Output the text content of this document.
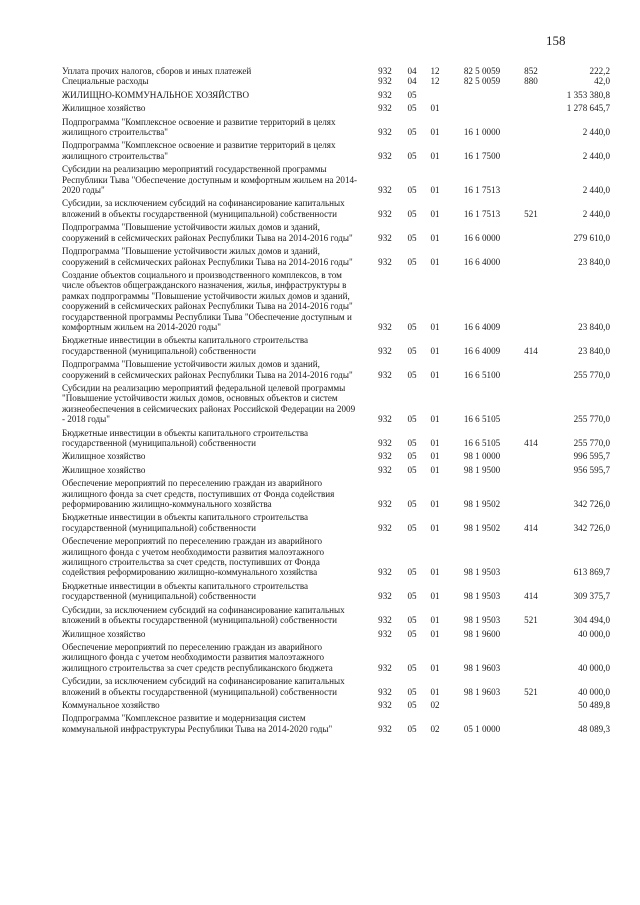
158
Уплата прочих налогов, сборов и иных платежей	932	04	12	82 5 0059	852	222,2
Специальные расходы	932	04	12	82 5 0059	880	42,0
ЖИЛИЩНО-КОММУНАЛЬНОЕ ХОЗЯЙСТВО	932	05				1 353 380,8
Жилищное хозяйство	932	05	01			1 278 645,7
Подпрограмма "Комплексное освоение и развитие территорий в целях жилищного строительства"	932	05	01	16 1 0000		2 440,0
Подпрограмма "Комплексное освоение и развитие территорий в целях жилищного строительства"	932	05	01	16 1 7500		2 440,0
Субсидии на реализацию мероприятий государственной программы Республики Тыва "Обеспечение доступным и комфортным жильем на 2014-2020 годы"	932	05	01	16 1 7513		2 440,0
Субсидии, за исключением субсидий на софинансирование капитальных вложений в объекты государственной (муниципальной) собственности	932	05	01	16 1 7513	521	2 440,0
Подпрограмма "Повышение устойчивости жилых домов и зданий, сооружений в сейсмических районах Республики Тыва на 2014-2016 годы"	932	05	01	16 6 0000		279 610,0
Подпрограмма "Повышение устойчивости жилых домов и зданий, сооружений в сейсмических районах Республики Тыва на 2014-2016 годы"	932	05	01	16 6 4000		23 840,0
Создание объектов социального и производственного комплексов, в том числе объектов общегражданского назначения, жилья, инфраструктуры в рамках подпрограммы "Повышение устойчивости жилых домов и зданий, сооружений в сейсмических районах Республики Тыва на 2014-2016 годы" государственной программы Республики Тыва "Обеспечение доступным и комфортным жильем на 2014-2020 годы"	932	05	01	16 6 4009		23 840,0
Бюджетные инвестиции в объекты капитального строительства государственной (муниципальной) собственности	932	05	01	16 6 4009	414	23 840,0
Подпрограмма "Повышение устойчивости жилых домов и зданий, сооружений в сейсмических районах Республики Тыва на 2014-2016 годы"	932	05	01	16 6 5100		255 770,0
Субсидии на реализацию мероприятий федеральной целевой программы "Повышение устойчивости жилых домов, основных объектов и систем жизнеобеспечения в сейсмических районах Российской Федерации на 2009 - 2018 годы"	932	05	01	16 6 5105		255 770,0
Бюджетные инвестиции в объекты капитального строительства государственной (муниципальной) собственности	932	05	01	16 6 5105	414	255 770,0
Жилищное хозяйство	932	05	01	98 1 0000		996 595,7
Жилищное хозяйство	932	05	01	98 1 9500		956 595,7
Обеспечение мероприятий по переселению граждан из аварийного жилищного фонда за счет средств, поступивших от Фонда содействия реформированию жилищно-коммунального хозяйства	932	05	01	98 1 9502		342 726,0
Бюджетные инвестиции в объекты капитального строительства государственной (муниципальной) собственности	932	05	01	98 1 9502	414	342 726,0
Обеспечение мероприятий по переселению граждан из аварийного жилищного фонда с учетом необходимости развития малоэтажного жилищного строительства за счет средств, поступивших от Фонда содействия реформированию жилищно-коммунального хозяйства	932	05	01	98 1 9503		613 869,7
Бюджетные инвестиции в объекты капитального строительства государственной (муниципальной) собственности	932	05	01	98 1 9503	414	309 375,7
Субсидии, за исключением субсидий на софинансирование капитальных вложений в объекты государственной (муниципальной) собственности	932	05	01	98 1 9503	521	304 494,0
Жилищное хозяйство	932	05	01	98 1 9600		40 000,0
Обеспечение мероприятий по переселению граждан из аварийного жилищного фонда с учетом необходимости развития малоэтажного жилищного строительства за счет средств республиканского бюджета	932	05	01	98 1 9603		40 000,0
Субсидии, за исключением субсидий на софинансирование капитальных вложений в объекты государственной (муниципальной) собственности	932	05	01	98 1 9603	521	40 000,0
Коммунальное хозяйство	932	05	02			50 489,8
Подпрограмма "Комплексное развитие и модернизация систем коммунальной инфраструктуры Республики Тыва на 2014-2020 годы"	932	05	02	05 1 0000		48 089,3
